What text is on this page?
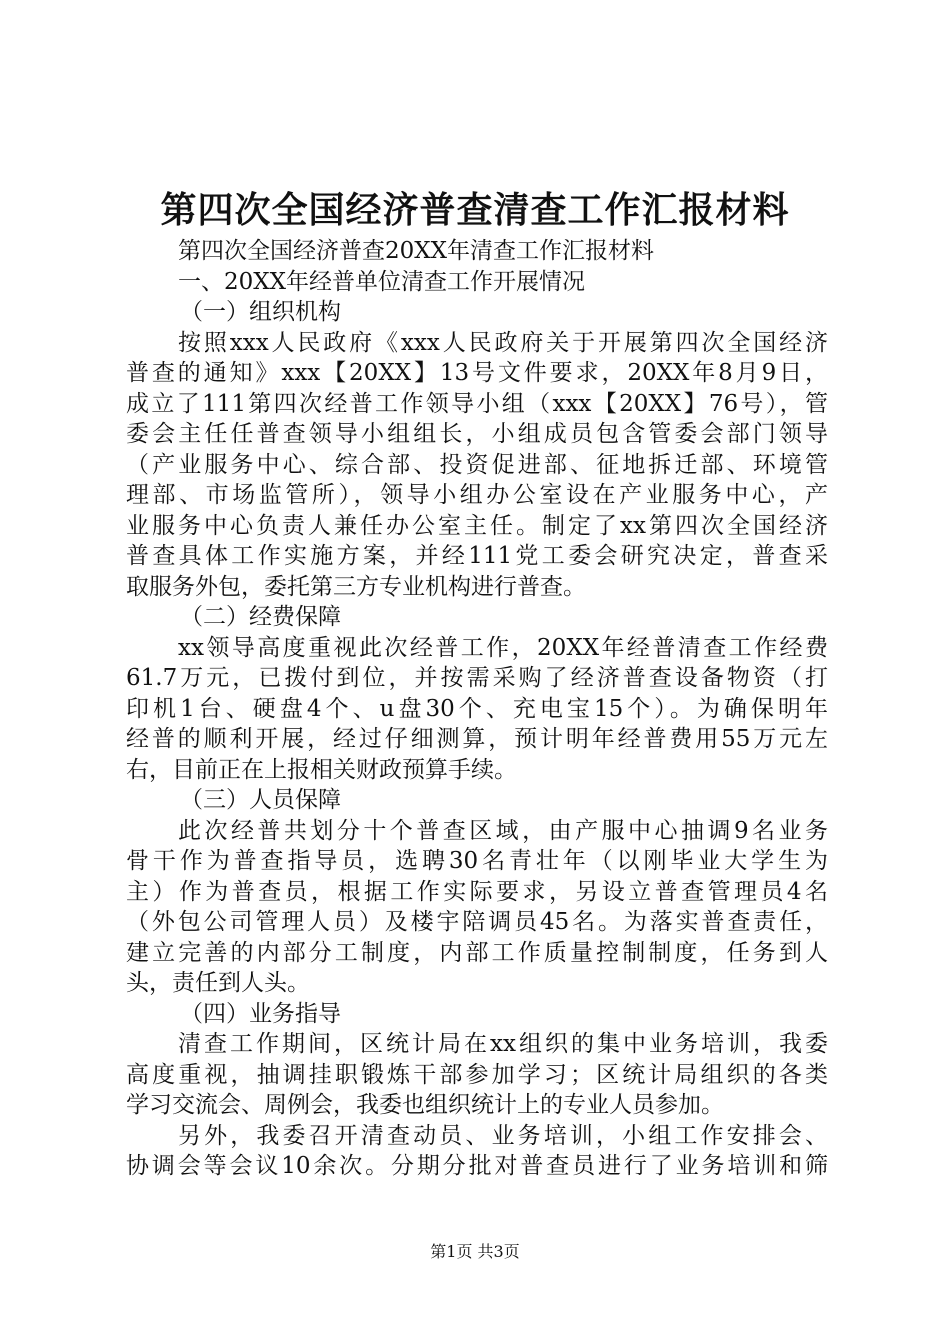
第四次全国经济普查清查工作汇报材料
第四次全国经济普查20XX年清查工作汇报材料
一、20XX年经普单位清查工作开展情况
（一）组织机构
按照xxx人民政府《xxx人民政府关于开展第四次全国经济
普查的通知》xxx【20XX】13号文件要求，20XX年8月9日，
成立了111第四次经普工作领导小组（xxx【20XX】76号），管
委会主任任普查领导小组组长，小组成员包含管委会部门领导
（产业服务中心、综合部、投资促进部、征地拆迁部、环境管
理部、市场监管所），领导小组办公室设在产业服务中心，产
业服务中心负责人兼任办公室主任。制定了xx第四次全国经济
普查具体工作实施方案，并经111党工委会研究决定，普查采
取服务外包，委托第三方专业机构进行普查。
（二）经费保障
xx领导高度重视此次经普工作，20XX年经普清查工作经费
61.7万元，已拨付到位，并按需采购了经济普查设备物资（打
印机1台、硬盘4个、u盘30个、充电宝15个）。为确保明年
经普的顺利开展，经过仔细测算，预计明年经普费用55万元左
右，目前正在上报相关财政预算手续。
（三）人员保障
此次经普共划分十个普查区域，由产服中心抽调9名业务
骨干作为普查指导员，选聘30名青壮年（以刚毕业大学生为
主）作为普查员，根据工作实际要求，另设立普查管理员4名
（外包公司管理人员）及楼宇陪调员45名。为落实普查责任，
建立完善的内部分工制度，内部工作质量控制制度，任务到人
头，责任到人头。
（四）业务指导
清查工作期间，区统计局在xx组织的集中业务培训，我委
高度重视，抽调挂职锻炼干部参加学习；区统计局组织的各类
学习交流会、周例会，我委也组织统计上的专业人员参加。
另外，我委召开清查动员、业务培训，小组工作安排会、
协调会等会议10余次。分期分批对普查员进行了业务培训和筛
第1页 共3页
